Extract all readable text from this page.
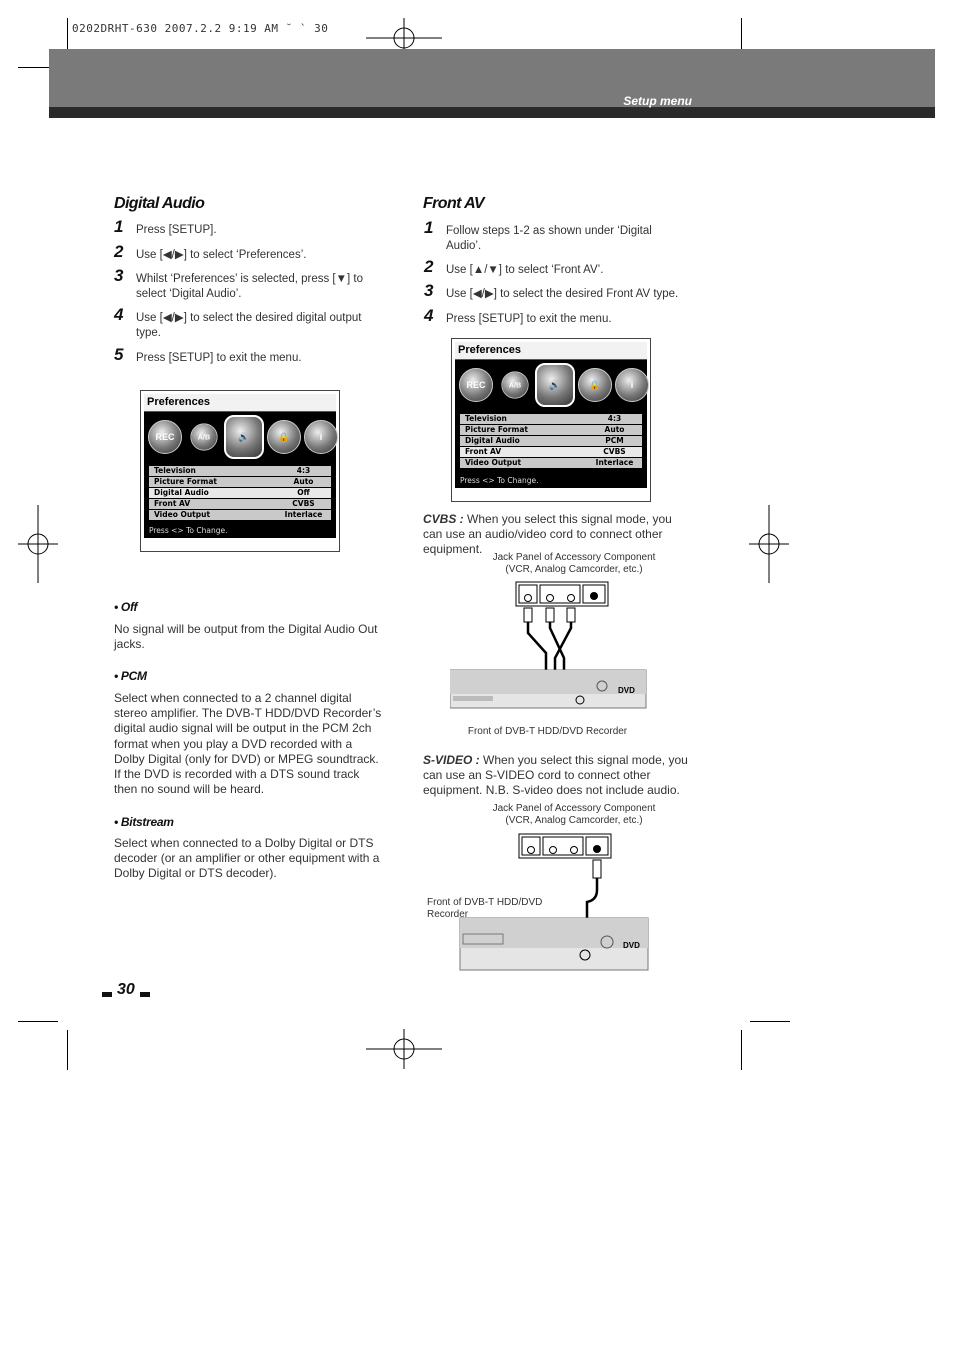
0202DRHT-630 2007.2.2 9:19 AM ˘ ` 30
Setup menu
Digital Audio
1 Press [SETUP].
2 Use [◀/▶] to select ‘Preferences’.
3 Whilst ‘Preferences’ is selected, press [▼] to select ‘Digital Audio’.
4 Use [◀/▶] to select the desired digital output type.
5 Press [SETUP] to exit the menu.
Preferences
REC	A/B	🔊	🔒	i
Television	4:3
Picture Format	Auto
Digital Audio	Off
Front AV	CVBS
Video Output	Interlace
Press <> To Change.
• Off
No signal will be output from the Digital Audio Out jacks.
• PCM
Select when connected to a 2 channel digital stereo amplifier. The DVB-T HDD/DVD Recorder’s digital audio signal will be output in the PCM 2ch format when you play a DVD recorded with a Dolby Digital (only for DVD) or MPEG soundtrack. If the DVD is recorded with a DTS sound track then no sound will be heard.
• Bitstream
Select when connected to a Dolby Digital or DTS decoder (or an amplifier or other equipment with a Dolby Digital or DTS decoder).
30
Front AV
1 Follow steps 1-2 as shown under ‘Digital Audio’.
2 Use [▲/▼] to select ‘Front AV’.
3 Use [◀/▶] to select the desired Front AV type.
4 Press [SETUP] to exit the menu.
Preferences
REC	A/B	🔊	🔒	i
Television	4:3
Picture Format	Auto
Digital Audio	PCM
Front AV	CVBS
Video Output	Interlace
Press <> To Change.
CVBS : When you select this signal mode, you can use an audio/video cord to connect other equipment.
Jack Panel of Accessory Component
(VCR, Analog Camcorder, etc.)
DVD
Front of DVB-T HDD/DVD Recorder
S-VIDEO : When you select this signal mode, you can use an S-VIDEO cord to connect other equipment. N.B. S-video does not include audio.
Jack Panel of Accessory Component
(VCR, Analog Camcorder, etc.)
DVD
Front of DVB-T HDD/DVD Recorder
